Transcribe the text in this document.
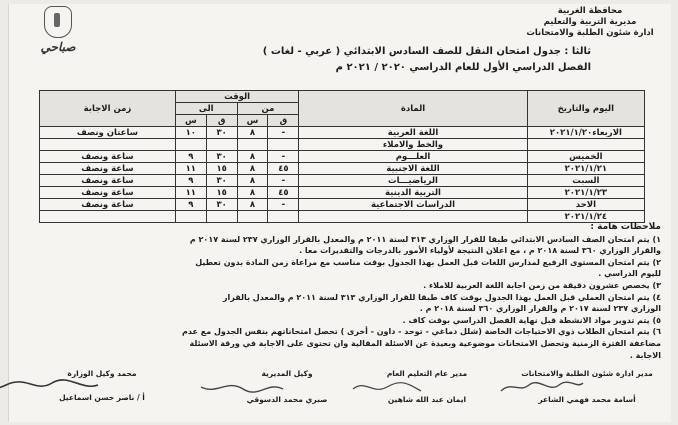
محافظة الغربية
مديرية التربية والتعليم
ادارة شئون الطلبة والامتحانات
صباحي	ثالثا : جدول امتحان النقل للصف السادس الابتدائي ( عربي - لغات )
الفصل الدراسي الأول للعام الدراسي ٢٠٢٠ / ٢٠٢١ م
اليوم والتاريخ	المادة	الوقت				زمن الاجابة
		من		الى		
		ق	س	ق	س	
الاربعاء٢٠٢١/١/٢٠	اللغة العربية	-	٨	٣٠	١٠	ساعتان ونصف
	والخط والاملاء					
الخميس	العلـــوم	-	٨	٣٠	٩	ساعة ونصف
٢٠٢١/١/٢١	اللغة الاجنبية	٤٥	٨	١٥	١١	ساعة ونصف
السبت	الرياضيـــات	-	٨	٣٠	٩	ساعة ونصف
٢٠٢١/١/٢٣	التربية الدينية	٤٥	٨	١٥	١١	ساعة ونصف
الاحد	الدراسات الاجتماعية	-	٨	٣٠	٩	ساعة ونصف
٢٠٢١/١/٢٤						
ملاحظات هامة :
١) يتم امتحان الصف السادس الابتدائي طبقا للقرار الوزاري ٣١٣ لسنة ٢٠١١ م والمعدل بالقرار الوزاري ٢٣٧ لسنة ٢٠١٧ م
والقرار الوزاري ٣٦٠ لسنة ٢٠١٨ م ، مع اعلان النتيجة لأولياء الأمور بالدرجات والتقديرات معا .
٢) يتم امتحان المستوى الرفيع لمدارس اللغات قبل العمل بهذا الجدول بوقت مناسب مع مراعاة زمن المادة بدون تعطيل
لليوم الدراسي .
٣) يخصص عشرون دقيقة من زمن اجابة اللغة العربية للاملاء .
٤) يتم امتحان العملي قبل العمل بهذا الجدول بوقت كاف طبقا للقرار الوزاري ٣١٣ لسنة ٢٠١١ م والمعدل بالقرار
الوزاري ٢٣٧ لسنة ٢٠١٧ م والقرار الوزاري ٣٦٠ لسنة ٢٠١٨ م .
٥) يتم تدوير مواد الانشطة قبل نهاية الفصل الدراسي بوقت كاف .
٦) يتم امتحان الطلاب ذوي الاحتياجات الخاصة (شلل دماغي - توحد - داون - أخرى ) تحصل امتحاناتهم بنفس الجدول مع عدم
مضاعفة الفترة الزمنية وتحصل الامتحانات موضوعية وبعيدة عن الاسئلة المقالية وان تحتوى على الاجابة في ورقة الاسئلة
الاجابة .
مدير ادارة شئون الطلبة والامتحانات
أسامة محمد فهمي الشاعر
مدير عام التعليم العام
ايمان عبد الله شاهين
وكيل المديرية
صبري محمد الدسوقي
محمد وكيل الوزارة
أ / ناصر حسن اسماعيل
